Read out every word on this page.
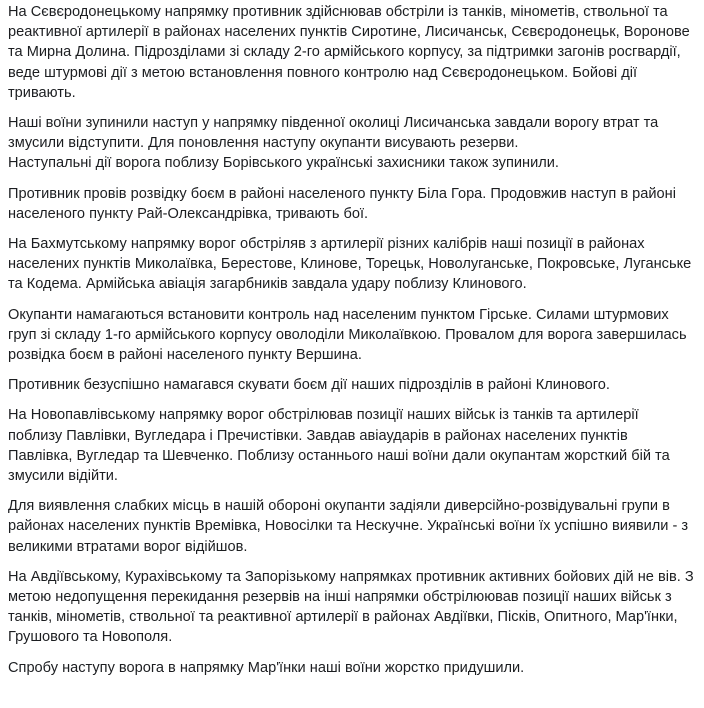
На Сєвєродонецькому напрямку противник здійснював обстріли із танків, мінометів, ствольної та реактивної артилерії в районах населених пунктів Сиротине, Лисичанськ, Сєвєродонецьк, Воронове та Мирна Долина. Підрозділами зі складу 2-го армійського корпусу, за підтримки загонів росгвардії, веде штурмові дії з метою встановлення повного контролю над Сєвєродонецьком. Бойові дії тривають.

Наші воїни зупинили наступ у напрямку південної околиці Лисичанська завдали ворогу втрат та змусили відступити. Для поновлення наступу окупанти висувають резерви.

Наступальні дії ворога поблизу Борівського українські захисники також зупинили.

Противник провів розвідку боєм в районі населеного пункту Біла Гора. Продовжив наступ в районі населеного пункту Рай-Олександрівка, тривають бої.

На Бахмутському напрямку ворог обстріляв з артилерії різних калібрів наші позиції в районах населених пунктів Миколаївка, Берестове, Клинове, Торецьк, Новолуганське, Покровське, Луганське та Кодема. Армійська авіація загарбників завдала удару поблизу Клинового.

Окупанти намагаються встановити контроль над населеним пунктом Гірське. Силами штурмових груп зі складу 1-го армійського корпусу оволоділи Миколаївкою. Провалом для ворога завершилась розвідка боєм в районі населеного пункту Вершина.

Противник безуспішно намагався скувати боєм дії наших підрозділів в районі Клинового.

На Новопавлівському напрямку ворог обстрілював позиції наших військ із танків та артилерії поблизу Павлівки, Вугледара і Пречистівки. Завдав авіаударів в районах населених пунктів Павлівка, Вугледар та Шевченко. Поблизу останнього наші воїни дали окупантам жорсткий бій та змусили відійти.

Для виявлення слабких місць в нашій обороні окупанти задіяли диверсійно-розвідувальні групи в районах населених пунктів Времівка, Новосілки та Нескучне. Українські воїни їх успішно виявили - з великими втратами ворог відійшов.

На Авдіївському, Курахівському та Запорізькому напрямках противник активних бойових дій не вів. З метою недопущення перекидання резервів на інші напрямки обстрілюював позиції наших військ з танків, мінометів, ствольної та реактивної артилерії в районах Авдіївки, Пісків, Опитного, Мар'їнки, Грушового та Новополя.

Спробу наступу ворога в напрямку Мар'їнки наші воїни жорстко придушили.
